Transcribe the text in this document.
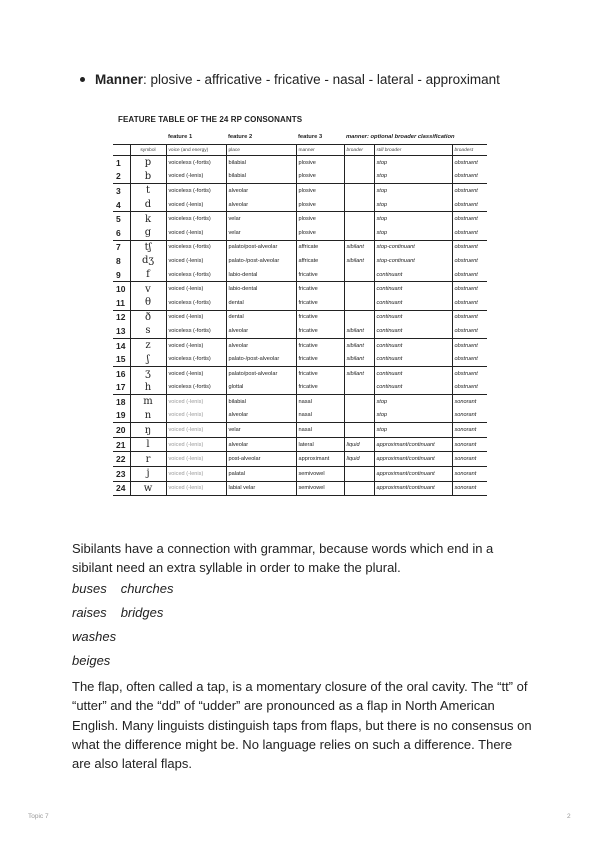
Manner: plosive - affricative - fricative - nasal - lateral - approximant
FEATURE TABLE OF THE 24 RP CONSONANTS
		feature 1	feature 2	feature 3	manner: optional broader classification		
	symbol	voice (and energy)	place	manner	broader	still broader	broadest
1	p	voiceless (-fortis)	bilabial	plosive		stop	obstruent
2	b	voiced (-lenis)	bilabial	plosive		stop	obstruent
3	t	voiceless (-fortis)	alveolar	plosive		stop	obstruent
4	d	voiced (-lenis)	alveolar	plosive		stop	obstruent
5	k	voiceless (-fortis)	velar	plosive		stop	obstruent
6	g	voiced (-lenis)	velar	plosive		stop	obstruent
7	tʃ	voiceless (-fortis)	palato/post-alveolar	affricate	sibilant	stop-continuant	obstruent
8	dʒ	voiced (-lenis)	palato-/post-alveolar	affricate	sibilant	stop-continuant	obstruent
9	f	voiceless (-fortis)	labio-dental	fricative		continuant	obstruent
10	v	voiced (-lenis)	labio-dental	fricative		continuant	obstruent
11	θ	voiceless (-fortis)	dental	fricative		continuant	obstruent
12	ð	voiced (-lenis)	dental	fricative		continuant	obstruent
13	s	voiceless (-fortis)	alveolar	fricative	sibilant	continuant	obstruent
14	z	voiced (-lenis)	alveolar	fricative	sibilant	continuant	obstruent
15	ʃ	voiceless (-fortis)	palato-/post-alveolar	fricative	sibilant	continuant	obstruent
16	ʒ	voiced (-lenis)	palato/post-alveolar	fricative	sibilant	continuant	obstruent
17	h	voiceless (-fortis)	glottal	fricative		continuant	obstruent
18	m	voiced (-lenis)	bilabial	nasal		stop	sonorant
19	n	voiced (-lenis)	alveolar	nasal		stop	sonorant
20	ŋ	voiced (-lenis)	velar	nasal		stop	sonorant
21	l	voiced (-lenis)	alveolar	lateral	liquid	approximant/continuant	sonorant
22	r	voiced (-lenis)	post-alveolar	approximant	liquid	approximant/continuant	sonorant
23	j	voiced (-lenis)	palatal	semivowel		approximant/continuant	sonorant
24	w	voiced (-lenis)	labial velar	semivowel		approximant/continuant	sonorant
Sibilants have a connection with grammar, because words which end in a sibilant need an extra syllable in order to make the plural.
buses churches
raises bridges
washes
beiges
The flap, often called a tap, is a momentary closure of the oral cavity. The “tt” of “utter” and the “dd” of “udder” are pronounced as a flap in North American English. Many linguists distinguish taps from flaps, but there is no consensus on what the difference might be. No language relies on such a difference. There are also lateral flaps.
Topic 7	2
